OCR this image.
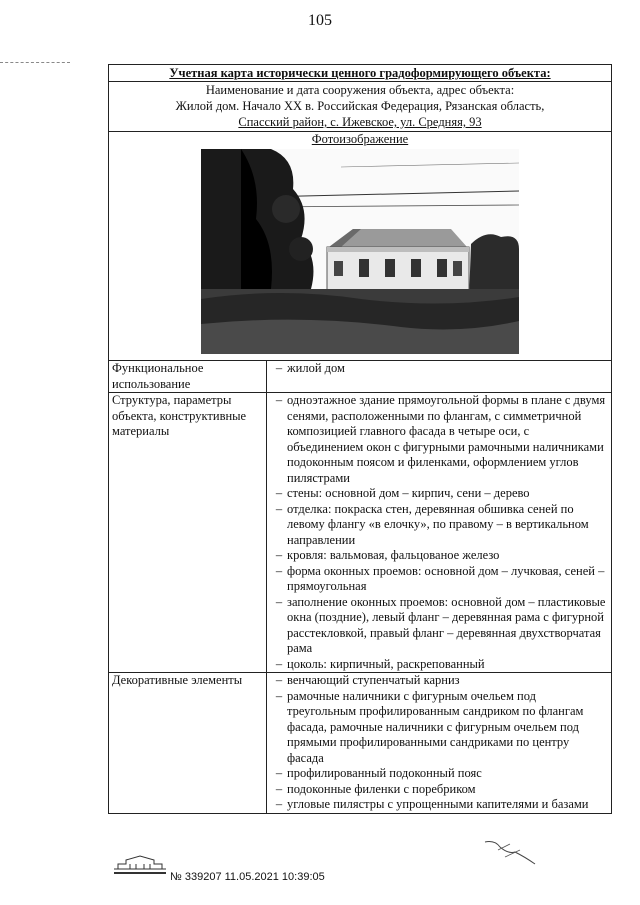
105
Учетная карта исторически ценного градоформирующего объекта:
Наименование и дата сооружения объекта, адрес объекта:
Жилой дом. Начало XX в. Российская Федерация, Рязанская область,
Спасский район, с. Ижевское, ул. Средняя, 93
Фотоизображение
Функциональное использование
– жилой дом
Структура, параметры объекта, конструктивные материалы
– одноэтажное здание прямоугольной формы в плане с двумя сенями, расположенными по флангам, с симметричной композицией главного фасада в четыре оси, с объединением окон с фигурными рамочными наличниками подоконным поясом и филенками, оформлением углов пилястрами
– стены: основной дом – кирпич, сени – дерево
– отделка: покраска стен, деревянная обшивка сеней по левому флангу «в елочку», по правому – в вертикальном направлении
– кровля: вальмовая, фальцованое железо
– форма оконных проемов: основной дом – лучковая, сеней – прямоугольная
– заполнение оконных проемов: основной дом – пластиковые окна (поздние), левый фланг – деревянная рама с фигурной расстекловкой, правый фланг – деревянная двухстворчатая рама
– цоколь: кирпичный, раскрепованный
Декоративные элементы	– венчающий ступенчатый карниз
– рамочные наличники с фигурным очельем под треугольным профилированным сандриком по флангам фасада, рамочные наличники с фигурным очельем под прямыми профилированными сандриками по центру фасада
– профилированный подоконный пояс
– подоконные филенки с поребриком
– угловые пилястры с упрощенными капителями и базами
№ 339207 11.05.2021 10:39:05
